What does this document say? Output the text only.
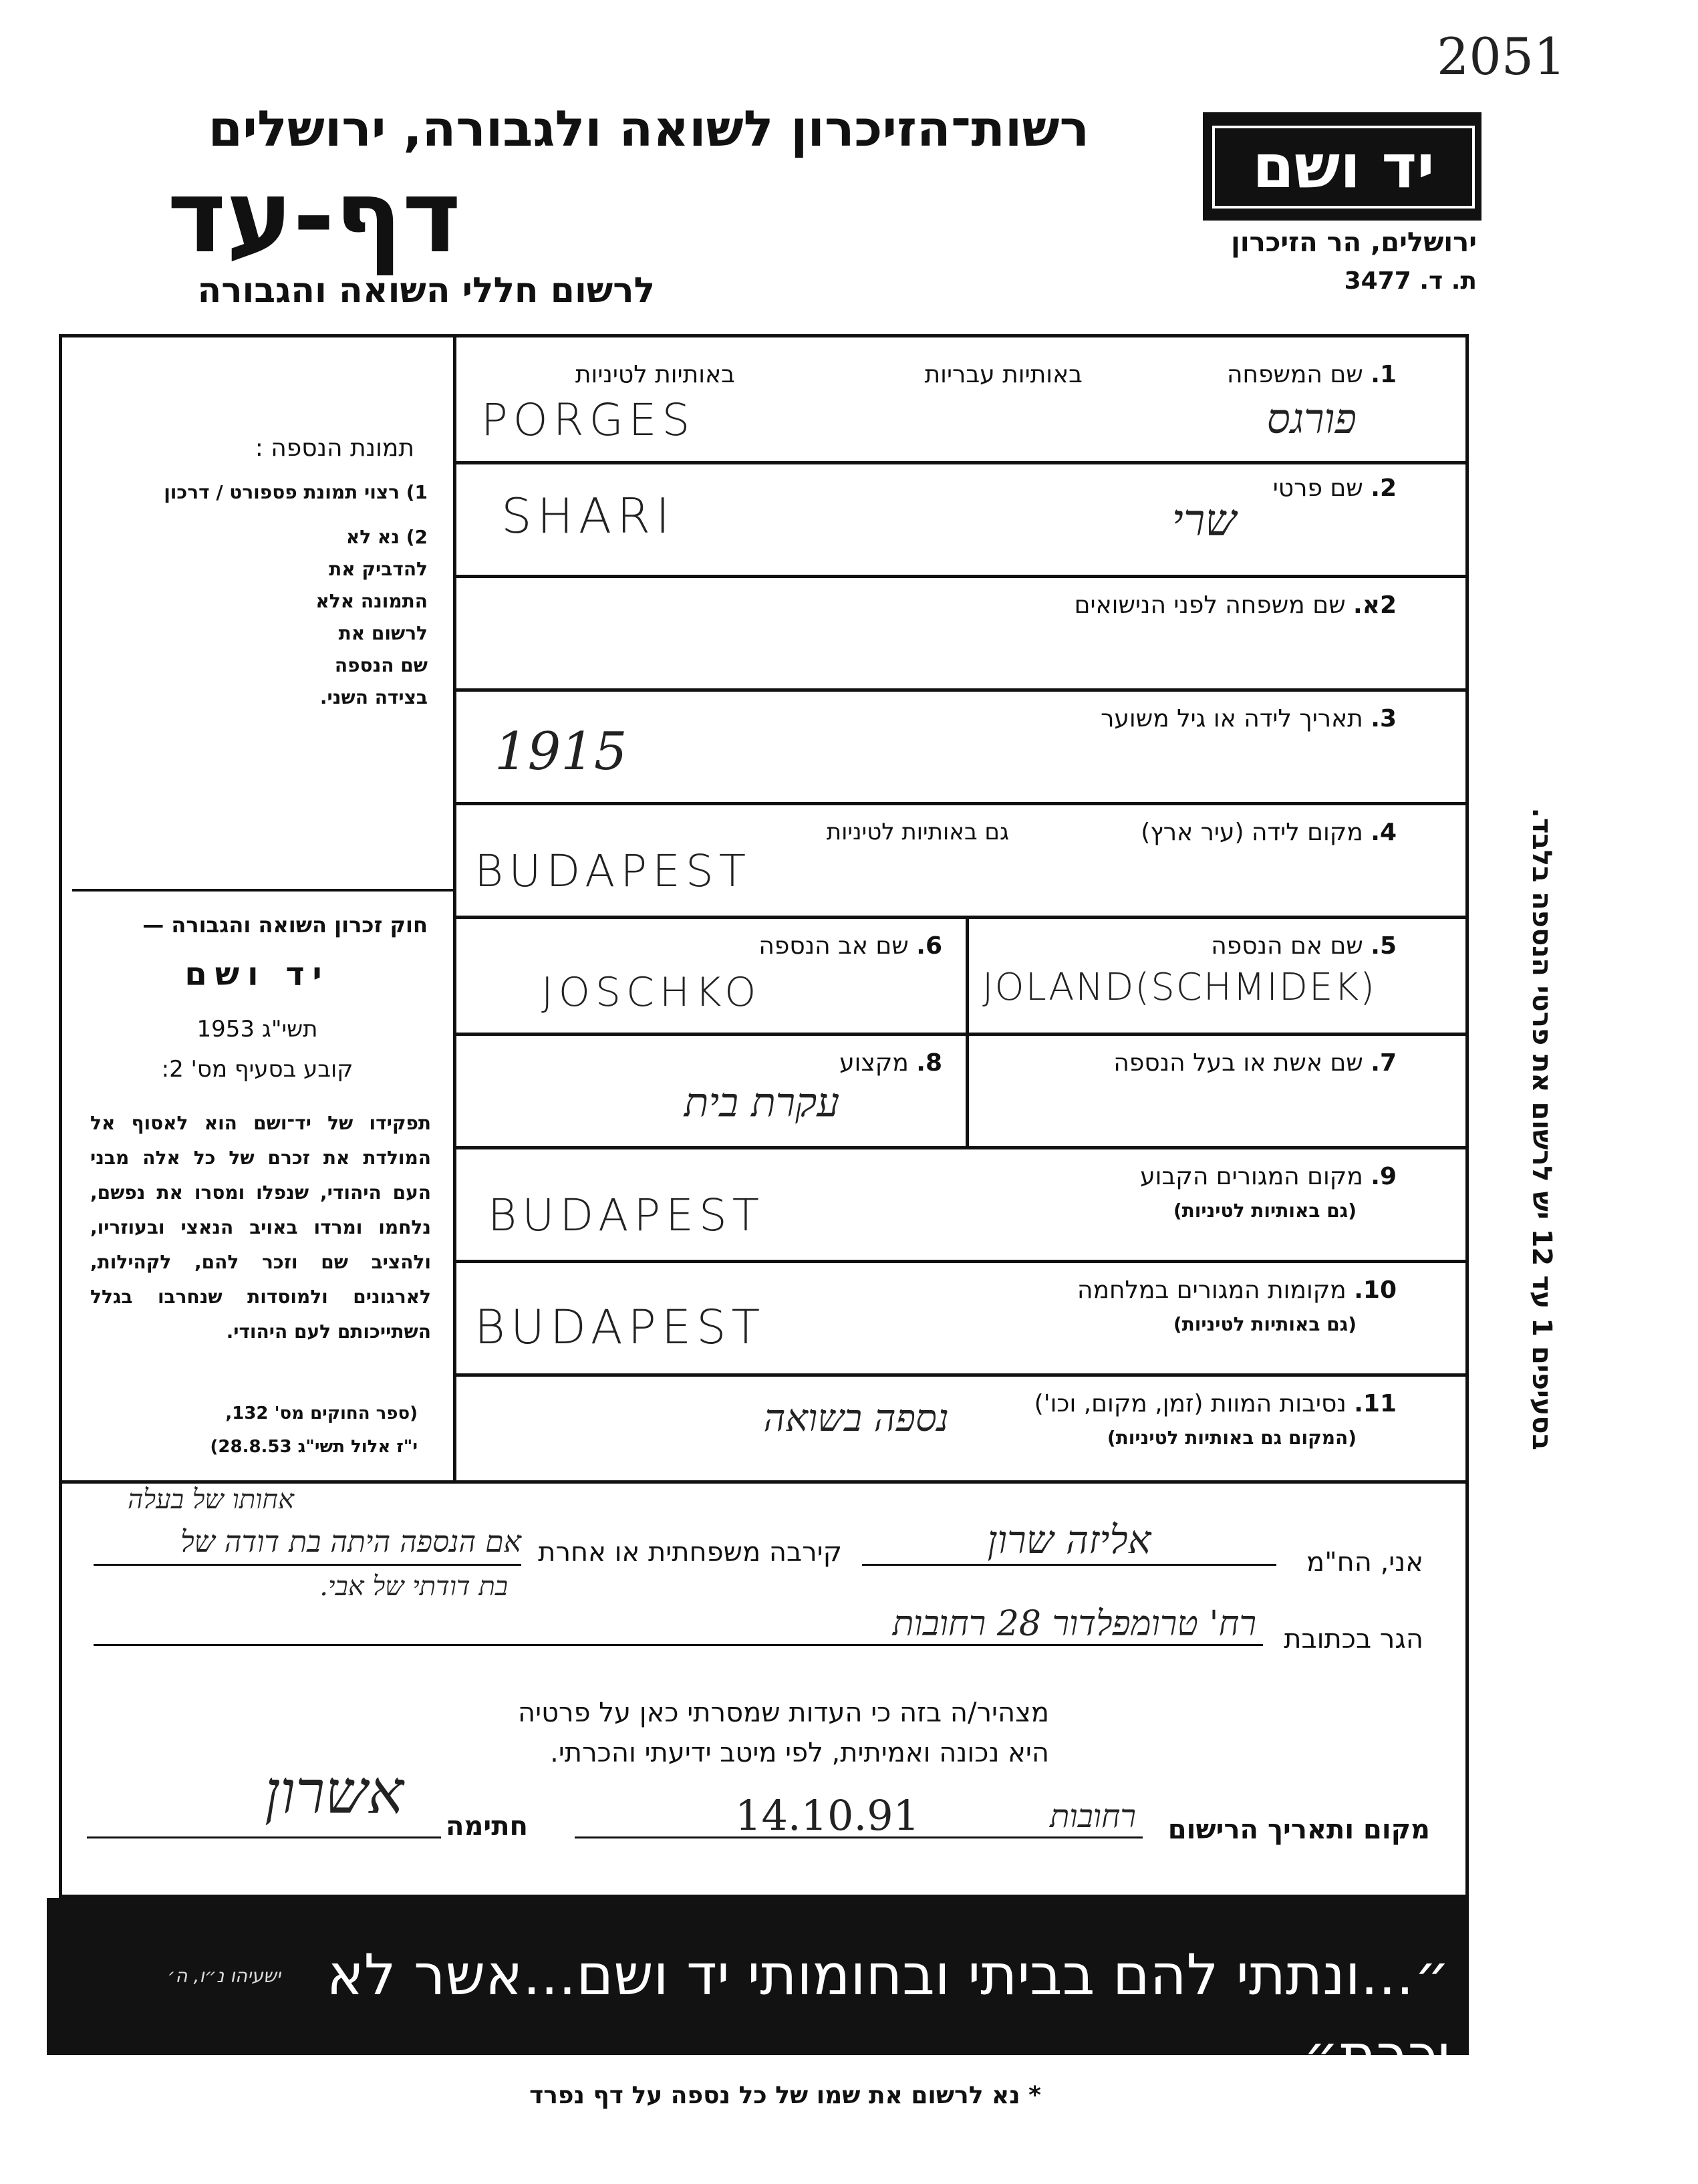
2051
רשות־הזיכרון לשואה ולגבורה, ירושלים
דף-עד
לרשום חללי השואה והגבורה
יד ושם
ירושלים, הר הזיכרון
ת. ד. 3477
תמונת הנספה :
1) רצוי תמונת פספורט / דרכון
2) נא לא להדביק את התמונה אלא לרשום את שם הנספה בצידה השני.
חוק זכרון השואה והגבורה —
יד ושם
תשי"ג 1953
קובע בסעיף מס' 2:
תפקידו של יד־ושם הוא לאסוף אל המולדת את זכרם של כל אלה מבני העם היהודי, שנפלו ומסרו את נפשם, נלחמו ומרדו באויב הנאצי ובעוזריו, ולהציב שם וזכר להם, לקהילות, לארגונים ולמוסדות שנחרבו בגלל השתייכותם לעם היהודי.
(ספר החוקים מס' 132,
י"ז אלול תשי"ג 28.8.53)
1. שם המשפחה
באותיות עבריות
באותיות לטיניות
PORGES	פורגס
2. שם פרטי
SHARI	שרי
2א. שם משפחה לפני הנישואים
3. תאריך לידה או גיל משוער
1915
4. מקום לידה (עיר ארץ)
גם באותיות לטיניות
BUDAPEST
5. שם אם הנספה
JOLAND(SCHMIDEK)
6. שם אב הנספה
JOSCHKO
7. שם אשת או בעל הנספה
8. מקצוע
עקרת בית
9. מקום המגורים הקבוע
(גם באותיות לטיניות)
BUDAPEST
10. מקומות המגורים במלחמה
(גם באותיות לטיניות)
BUDAPEST
11. נסיבות המוות (זמן, מקום, וכו')
(המקום גם באותיות לטיניות)
נספה בשואה
בסעיפים 1 עד 12 יש לרשום את פרטי הנספה בלבד.
אני, הח"מ
אליזה שרון
קירבה משפחתית או אחרת
אחותו של בעלה
אם הנספה היתה בת דודה של
בת דודתי של אבי.
הגר בכתובת
רח' טרומפלדור 28 רחובות
מצהיר/ה בזה כי העדות שמסרתי כאן על פרטיה
היא נכונה ואמיתית, לפי מיטב ידיעתי והכרתי.
מקום ותאריך הרישום
רחובות
14.10.91
חתימה
אשרון
״...ונתתי להם בביתי ובחומותי יד ושם...אשר לא יכרת״
ישעיהו נ״ו, ה׳
* נא לרשום את שמו של כל נספה על דף נפרד
